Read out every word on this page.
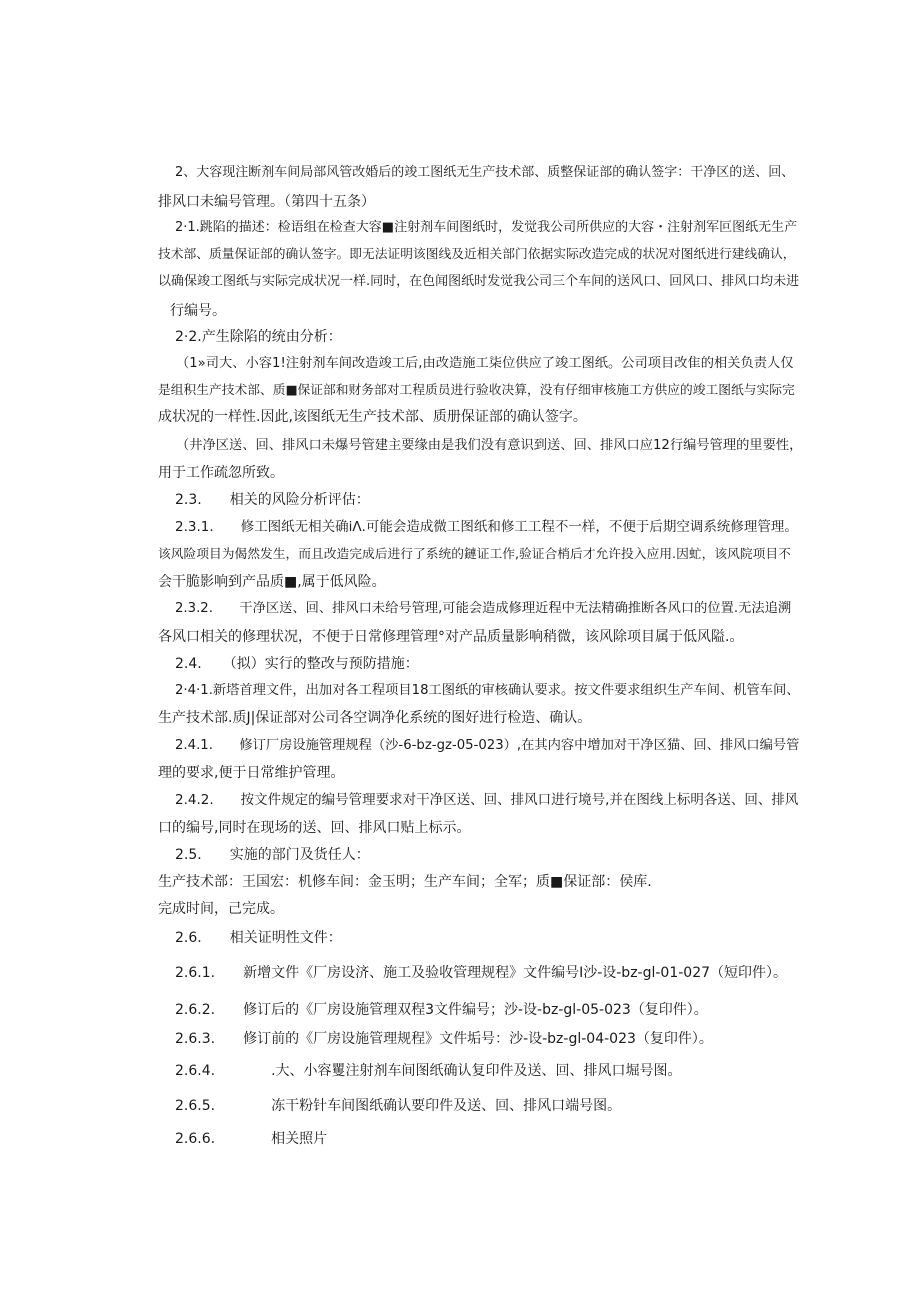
2、大容现注断剂车间局部风管改婚后的竣工图纸无生产技术部、质整保证部的确认签字：干净区的送、回、
排风口未编号管理。（第四十五条）
2·1.跳陷的描述：检语组在检查大容■注射剂车间图纸时，发觉我公司所供应的大容・注射剂军叵图纸无生产
技术部、质量保证部的确认签字。即无法证明该图线及近相关部门依据实际改造完成的状况对图纸进行建线确认，
以确保竣工图纸与实际完成状况一样.同时，在色闻图纸时发觉我公司三个车间的送风口、回风口、排风口均未进
行编号。
2·2.产生除陷的统由分析：
（1»司大、小容1!注射剂车间改造竣工后,由改造施工柒位供应了竣工图纸。公司项目改隹的相关负责人仅
是组积生产技术部、质■保证部和财务部对工程质员进行验收决算，没有仔细审核施工方供应的竣工图纸与实际完
成状况的一样性.因此,该图纸无生产技术部、质册保证部的确认签字。
（井净区送、回、排风口未爆号管建主要缘由是我们没有意识到送、回、排风口应12行编号管理的里要性，
用于工作疏忽所致。
2.3.　　相关的风险分析评估：
2.3.1.　　修工图纸无相关确iΛ.可能会造成微工图纸和修工工程不一样，不便于后期空调系统修理管理。
该风险项目为偈然发生，而且改造完成后进行了系统的鏈证工作,验证合梢后才允许投入应用.因虻，该风院项目不
会干脆影响到产品质■,属于低风险。
2.3.2.　　干净区送、回、排风口未给号管理,可能会造成修理近程中无法精确推断各风口的位置.无法追溯
各风口相关的修理状况，不便于日常修理管理°对产品质量影响稍微，该风除项目属于低风隘.。
2.4.　　（拟）实行的整改与预防措施：
2·4·1.新塔首理文件，出加对各工程项目18工图纸的审核确认要求。按文件要求组织生产车间、机管车间、
生产技术部.质J|保证部对公司各空调净化系统的图好进行检造、确认。
2.4.1.　　修订厂房设施管理规程（沙-6-bz-gz-05-023）,在其内容中增加对干净区猫、回、排风口编号管
理的要求,便于日常维护管理。
2.4.2.　　按文件规定的编号管理要求对干净区送、回、排风口进行境号,并在图线上标明各送、回、排风
口的编号,同时在现场的送、回、排风口贴上标示。
2.5.　　实施的部门及货任人：
生产技术部：王国宏：机修车间：金玉明；生产车间；全军；质■保证部：侯库.
完成时间，己完成。
2.6.　　相关证明性文件：
2.6.1.　　新增文件《厂房设济、施工及验收管理规程》文件编号I沙-设-bz-gl-01-027（短印件）。
2.6.2.　　修订后的《厂房设施管理双程3文件编号；沙-设-bz-gl-05-023（复印件）。
2.6.3.　　修订前的《厂房设施管理规程》文件垢号：沙-设-bz-gl-04-023（复印件）。
2.6.4.　　　　.大、小容矍注射剂车间图纸确认复印件及送、回、排风口堀号图。
2.6.5.　　　　冻干粉针车间图纸确认要印件及送、回、排风口端号图。
2.6.6.　　　　相关照片
